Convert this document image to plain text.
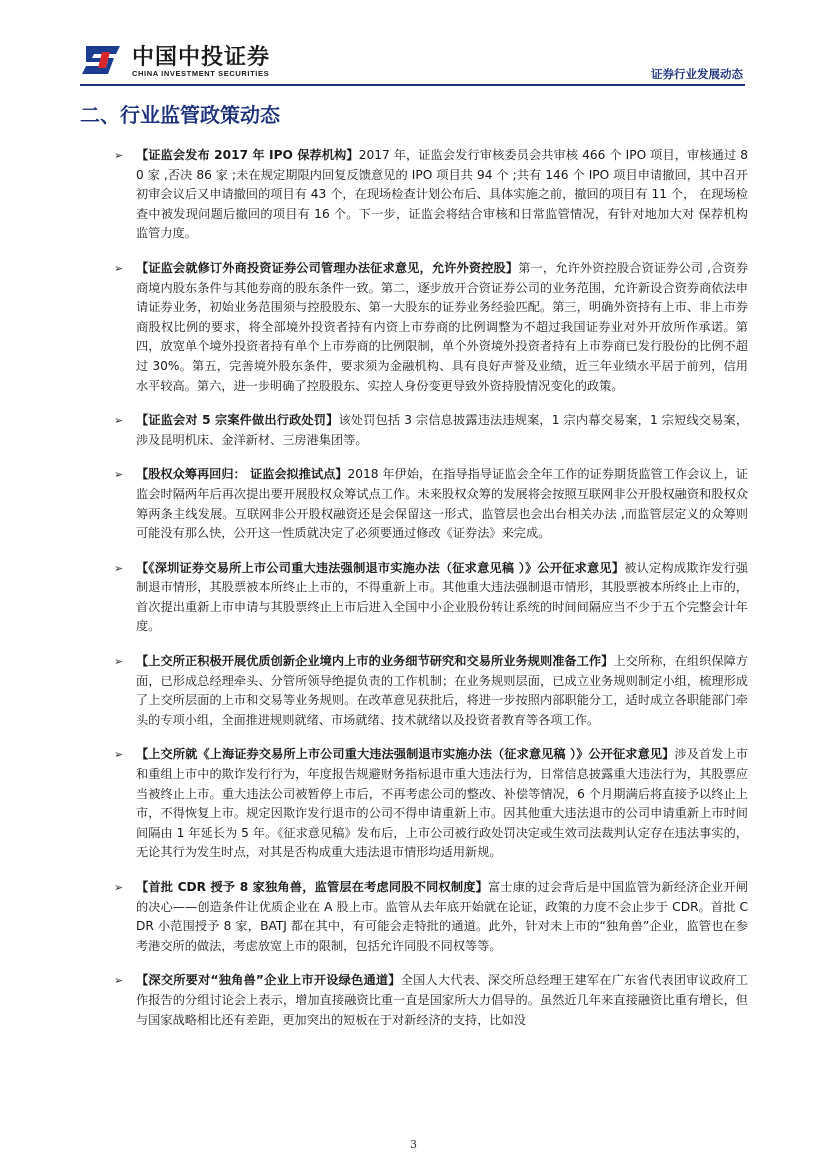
中国中投证券
CHINA INVESTMENT SECURITIES	证券行业发展动态
二、行业监管政策动态
➢ 【证监会发布 2017 年 IPO 保荐机构】2017 年，证监会发行审核委员会共审核 466 个 IPO 项目，审核通过 80 家 ,否决 86 家 ;未在规定期限内回复反馈意见的 IPO 项目共 94 个 ;共有 146 个 IPO 项目申请撤回，其中召开初审会议后又申请撤回的项目有 43 个，在现场检查计划公布后、具体实施之前，撤回的项目有 11 个， 在现场检查中被发现问题后撤回的项目有 16 个。下一步，证监会将结合审核和日常监管情况，有针对地加大对 保荐机构监管力度。
➢ 【证监会就修订外商投资证券公司管理办法征求意见，允许外资控股】第一，允许外资控股合资证券公司 ,合资券商境内股东条件与其他券商的股东条件一致。第二，逐步放开合资证券公司的业务范围，允许新设合资券商依法申请证券业务，初始业务范围须与控股股东、第一大股东的证券业务经验匹配。第三，明确外资持有上市、非上市券商股权比例的要求，将全部境外投资者持有内资上市券商的比例调整为不超过我国证券业对外开放所作承诺。第四，放宽单个境外投资者持有单个上市券商的比例限制，单个外资境外投资者持有上市券商已发行股份的比例不超过 30%。第五，完善境外股东条件，要求须为金融机构、具有良好声誉及业绩，近三年业绩水平居于前列，信用水平较高。第六，进一步明确了控股股东、实控人身份变更导致外资持股情况变化的政策。
➢ 【证监会对 5 宗案件做出行政处罚】该处罚包括 3 宗信息披露违法违规案，1 宗内幕交易案，1 宗短线交易案，涉及昆明机床、金洋新材、三房港集团等。
➢ 【股权众筹再回归： 证监会拟推试点】2018 年伊始，在指导指导证监会全年工作的证券期货监管工作会议上，证监会时隔两年后再次提出要开展股权众筹试点工作。未来股权众筹的发展将会按照互联网非公开股权融资和股权众筹两条主线发展。互联网非公开股权融资还是会保留这一形式，监管层也会出台相关办法 ,而监管层定义的众筹则可能没有那么快，公开这一性质就决定了必须要通过修改《证券法》来完成。
➢ 【《深圳证券交易所上市公司重大违法强制退市实施办法（征求意见稿 ）》公开征求意见】被认定构成欺诈发行强制退市情形，其股票被本所终止上市的，不得重新上市。其他重大违法强制退市情形，其股票被本所终止上市的，首次提出重新上市申请与其股票终止上市后进入全国中小企业股份转让系统的时间间隔应当不少于五个完整会计年度。
➢ 【上交所正积极开展优质创新企业境内上市的业务细节研究和交易所业务规则准备工作】上交所称，在组织保障方面，已形成总经理牵头、分管所领导绝提负责的工作机制；在业务规则层面，已成立业务规则制定小组，梳理形成了上交所层面的上市和交易等业务规则。在改革意见获批后，将进一步按照内部职能分工，适时成立各职能部门牵头的专项小组，全面推进规则就绪、市场就绪、技术就绪以及投资者教育等各项工作。
➢ 【上交所就《上海证券交易所上市公司重大违法强制退市实施办法（征求意见稿 ）》公开征求意见】涉及首发上市和重组上市中的欺诈发行行为，年度报告规避财务指标退市重大违法行为，日常信息披露重大违法行为，其股票应当被终止上市。重大违法公司被暂停上市后，不再考虑公司的整改、补偿等情况，6 个月期满后将直接予以终止上市，不得恢复上市。规定因欺诈发行退市的公司不得申请重新上市。因其他重大违法退市的公司申请重新上市时间间隔由 1 年延长为 5 年。《征求意见稿》发布后，上市公司被行政处罚决定或生效司法裁判认定存在违法事实的，无论其行为发生时点，对其是否构成重大违法退市情形均适用新规。
➢ 【首批 CDR 授予 8 家独角兽，监管层在考虑同股不同权制度】富士康的过会背后是中国监管为新经济企业开闸的决心——创造条件让优质企业在 A 股上市。监管从去年底开始就在论证，政策的力度不会止步于 CDR。首批 CDR 小范围授予 8 家，BATJ 都在其中，有可能会走特批的通道。此外，针对未上市的“独角兽”企业，监管也在参考港交所的做法，考虑放宽上市的限制，包括允许同股不同权等等。
➢ 【深交所要对“独角兽”企业上市开设绿色通道】全国人大代表、深交所总经理王建军在广东省代表团审议政府工作报告的分组讨论会上表示，增加直接融资比重一直是国家所大力倡导的。虽然近几年来直接融资比重有增长，但与国家战略相比还有差距，更加突出的短板在于对新经济的支持，比如没
3
